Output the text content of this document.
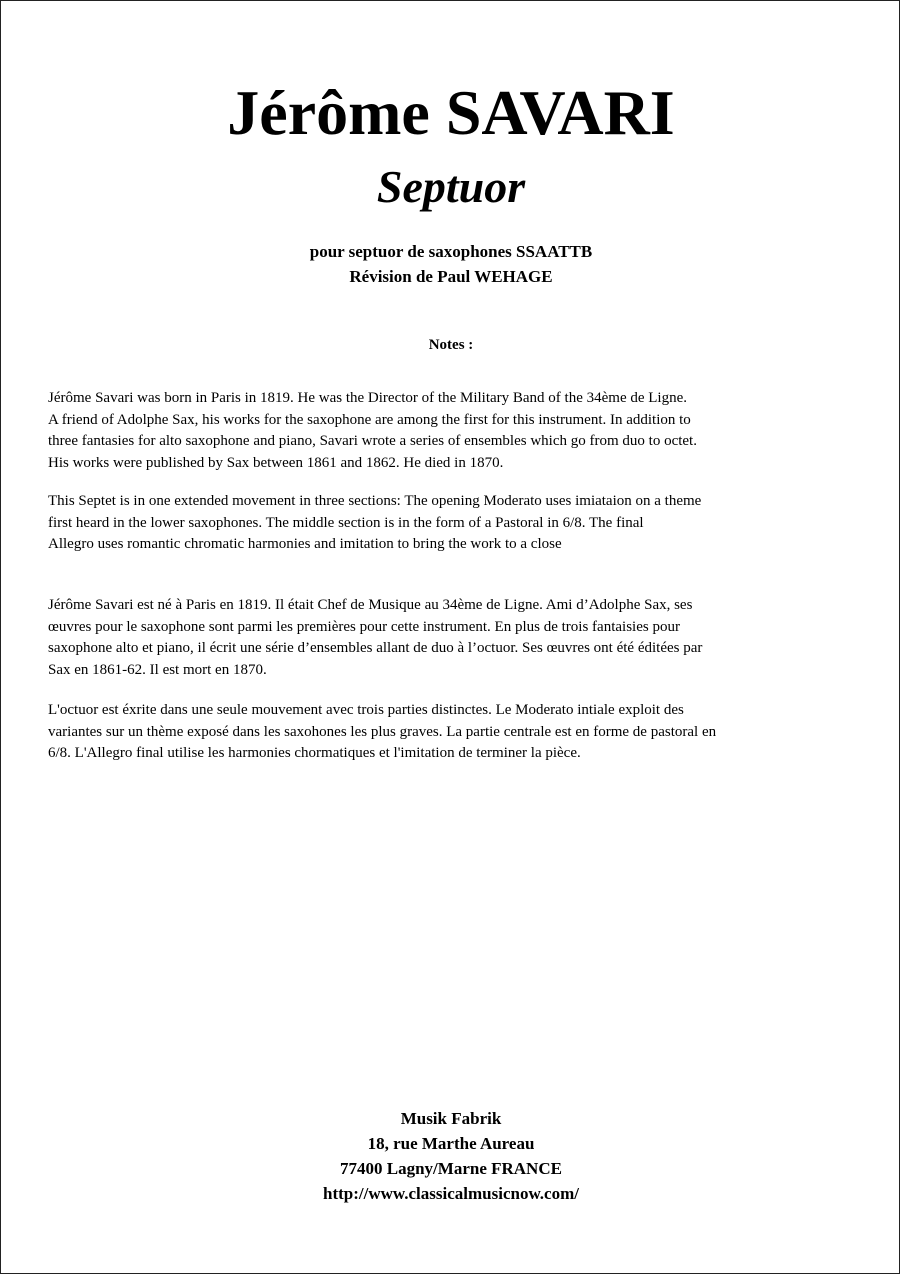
Jérôme SAVARI
Septuor
pour septuor de saxophones SSAATTB
Révision de Paul WEHAGE
Notes :
Jérôme Savari was born in Paris in 1819. He was the Director of the Military Band of the 34ème de Ligne.
A friend of Adolphe Sax, his works for the saxophone are among the first for this instrument. In addition to
three fantasies for alto saxophone and piano, Savari wrote a series of ensembles which go from duo to octet.
His works were published by Sax between 1861 and 1862. He died in 1870.
This Septet is in one extended movement in three sections: The opening Moderato uses imiataion on a theme
first heard in the lower saxophones. The middle section is in the form of a Pastoral in 6/8. The final
Allegro uses romantic chromatic harmonies and imitation to bring the work to a close
Jérôme Savari est né à Paris en 1819. Il était Chef de Musique au 34ème de Ligne. Ami d’Adolphe Sax, ses
œuvres pour le saxophone sont parmi les premières pour cette instrument. En plus de trois fantaisies pour
saxophone alto et piano, il écrit une série d’ensembles allant de duo à l’octuor. Ses œuvres ont été éditées par
Sax en 1861-62. Il est mort en 1870.
L'octuor est éxrite dans une seule mouvement avec trois parties distinctes. Le Moderato intiale exploit des
variantes sur un thème exposé dans les saxohones les plus graves. La partie centrale est en forme de pastoral en
6/8. L'Allegro final utilise les harmonies chormatiques et l'imitation de terminer la pièce.
Musik Fabrik
18, rue Marthe Aureau
77400 Lagny/Marne FRANCE
http://www.classicalmusicnow.com/
